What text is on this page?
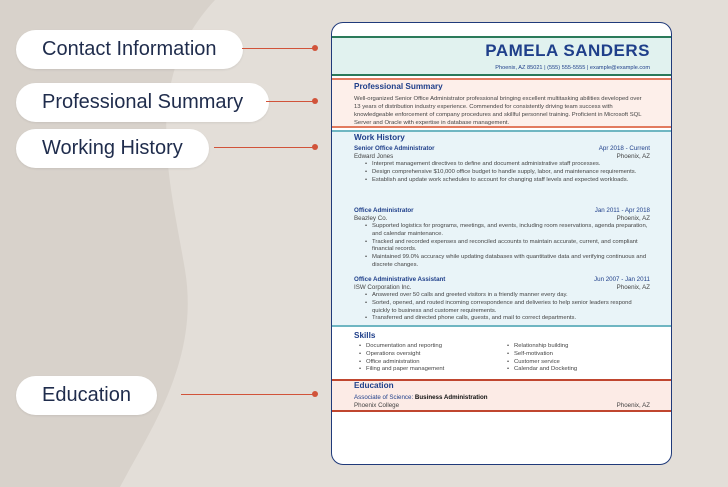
Contact Information
Professional Summary
Working History
Education
PAMELA SANDERS
Phoenix, AZ 85021 | (555) 555-5555 | example@example.com
Professional Summary
Well-organized Senior Office Administrator professional bringing excellent multitasking abilities developed over 13 years of distribution industry experience. Commended for consistently driving team success with knowledgeable enforcement of company procedures and skillful personnel training. Proficient in Microsoft SQL Server and Oracle with expertise in database management.
Work History
Senior Office Administrator	Apr 2018 - Current
Edward Jones	Phoenix, AZ
• Interpret management directives to define and document administrative staff processes.
• Design comprehensive $10,000 office budget to handle supply, labor, and maintenance requirements.
• Establish and update work schedules to account for changing staff levels and expected workloads.
Office Administrator	Jan 2011 - Apr 2018
Beazley Co.	Phoenix, AZ
• Supported logistics for programs, meetings, and events, including room reservations, agenda preparation, and calendar maintenance.
• Tracked and recorded expenses and reconciled accounts to maintain accurate, current, and compliant financial records.
• Maintained 99.0% accuracy while updating databases with quantitative data and verifying continuous and discrete changes.
Office Administrative Assistant	Jun 2007 - Jan 2011
ISW Corporation Inc.	Phoenix, AZ
• Answered over 50 calls and greeted visitors in a friendly manner every day.
• Sorted, opened, and routed incoming correspondence and deliveries to help senior leaders respond quickly to business and customer requirements.
• Transferred and directed phone calls, guests, and mail to correct departments.
Skills
• Documentation and reporting
• Operations oversight
• Office administration
• Filing and paper management
• Relationship building
• Self-motivation
• Customer service
• Calendar and Docketing
Education
Associate of Science: Business Administration
Phoenix College	Phoenix, AZ
